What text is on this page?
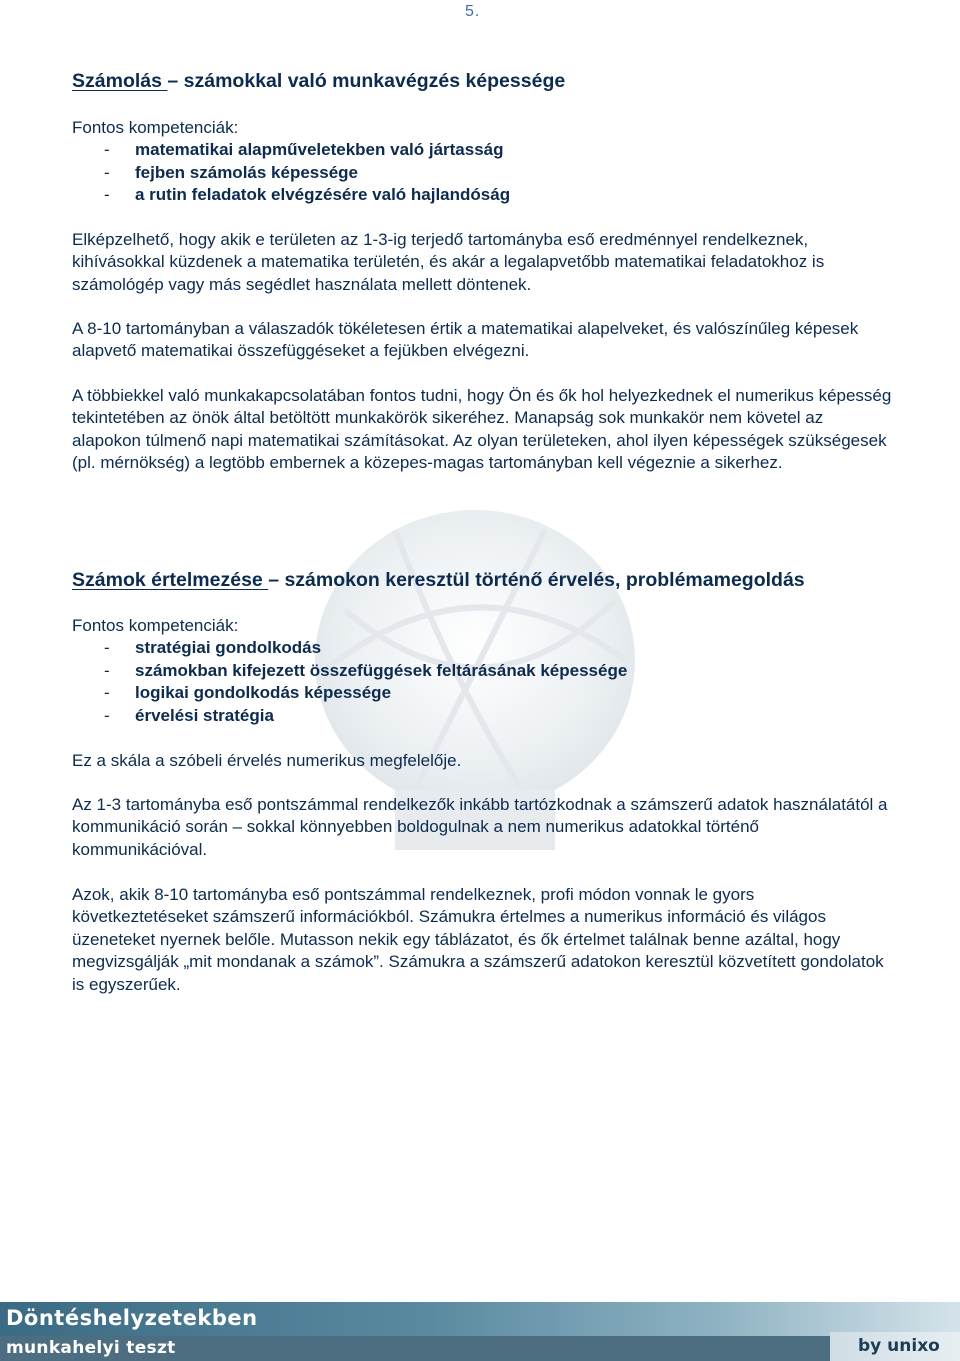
5.
Számolás – számokkal való munkavégzés képessége

Fontos kompetenciák:

-	matematikai alapműveletekben való jártasság
-	fejben számolás képessége
-	a rutin feladatok elvégzésére való hajlandóság

Elképzelhető, hogy akik e területen az 1-3-ig terjedő tartományba eső eredménnyel rendelkeznek, kihívásokkal küzdenek a matematika területén, és akár a legalapvetőbb matematikai feladatokhoz is számológép vagy más segédlet használata mellett döntenek.

A 8-10 tartományban a válaszadók tökéletesen értik a matematikai alapelveket, és valószínűleg képesek alapvető matematikai összefüggéseket a fejükben elvégezni.

A többiekkel való munkakapcsolatában fontos tudni, hogy Ön és ők hol helyezkednek el numerikus képesség tekintetében az önök által betöltött munkakörök sikeréhez. Manapság sok munkakör nem követel az alapokon túlmenő napi matematikai számításokat. Az olyan területeken, ahol ilyen képességek szükségesek (pl. mérnökség) a legtöbb embernek a közepes-magas tartományban kell végeznie a sikerhez.

Számok értelmezése – számokon keresztül történő érvelés, problémamegoldás

Fontos kompetenciák:

-	stratégiai gondolkodás
-	számokban kifejezett összefüggések feltárásának képessége
-	logikai gondolkodás képessége
-	érvelési stratégia

Ez a skála a szóbeli érvelés numerikus megfelelője.

Az 1-3 tartományba eső pontszámmal rendelkezők inkább tartózkodnak a számszerű adatok használatától a kommunikáció során – sokkal könnyebben boldogulnak a nem numerikus adatokkal történő kommunikációval.

Azok, akik 8-10 tartományba eső pontszámmal rendelkeznek, profi módon vonnak le gyors következtetéseket számszerű információkból. Számukra értelmes a numerikus információ és világos üzeneteket nyernek belőle. Mutasson nekik egy táblázatot, és ők értelmet találnak benne azáltal, hogy megvizsgálják „mit mondanak a számok”. Számukra a számszerű adatokon keresztül közvetített gondolatok is egyszerűek.

Döntéshelyzetekben
munkahelyi teszt	by unixo
